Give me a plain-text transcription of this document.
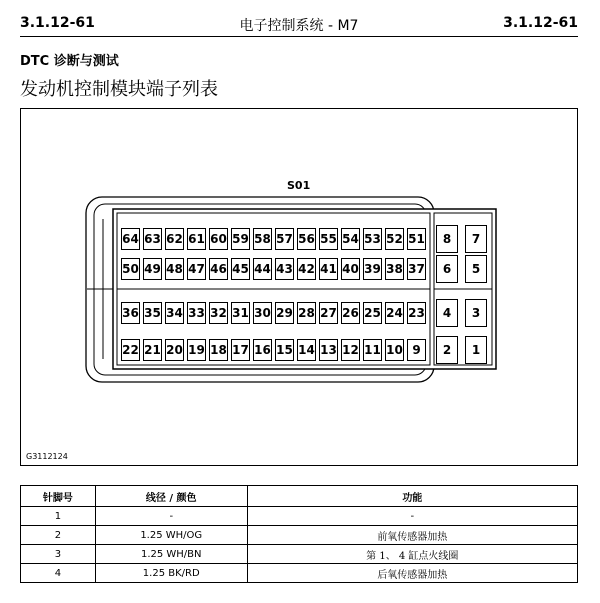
3.1.12-61	电子控制系统 - M7	3.1.12-61
DTC 诊断与测试
发动机控制模块端子列表
S01
64 63 62 61 60 59 58 57 56 55 54 53 52 51
50 49 48 47 46 45 44 43 42 41 40 39 38 37
36 35 34 33 32 31 30 29 28 27 26 25 24 23
22 21 20 19 18 17 16 15 14 13 12 11 10 9
8	7
6	5
4	3
2	1
G3112124
针脚号	线径 / 颜色	功能
1	-	-
2	1.25 WH/OG	前氧传感器加热
3	1.25 WH/BN	第 1、 4 缸点火线圈
4	1.25 BK/RD	后氧传感器加热
